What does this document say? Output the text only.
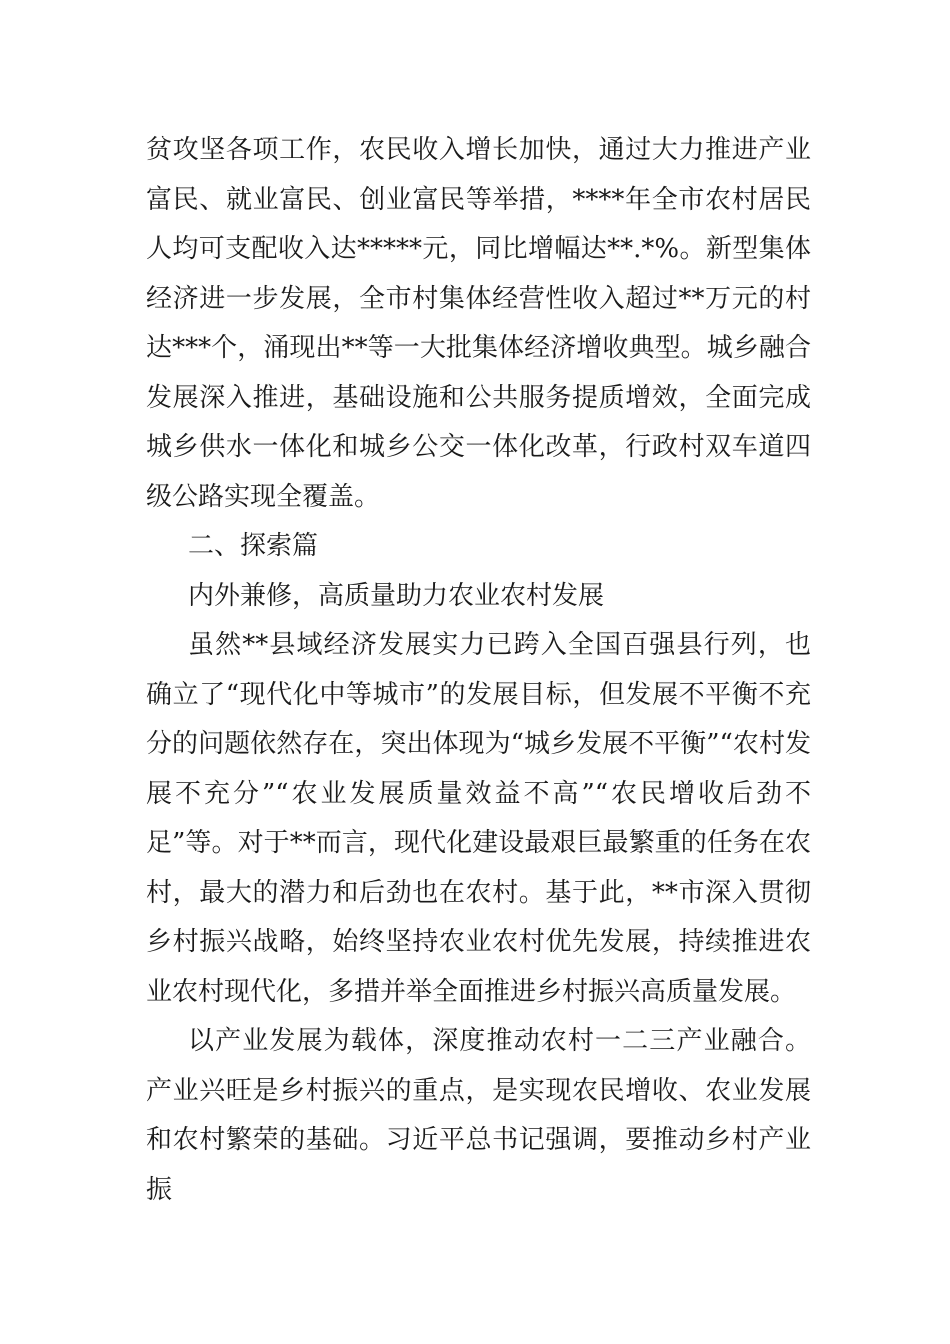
贫攻坚各项工作，农民收入增长加快，通过大力推进产业富民、就业富民、创业富民等举措，****年全市农村居民人均可支配收入达*****元，同比增幅达**.*%。新型集体经济进一步发展，全市村集体经营性收入超过**万元的村达***个，涌现出**等一大批集体经济增收典型。城乡融合发展深入推进，基础设施和公共服务提质增效，全面完成城乡供水一体化和城乡公交一体化改革，行政村双车道四级公路实现全覆盖。

二、探索篇

内外兼修，高质量助力农业农村发展

虽然**县域经济发展实力已跨入全国百强县行列，也确立了“现代化中等城市”的发展目标，但发展不平衡不充分的问题依然存在，突出体现为“城乡发展不平衡”“农村发展不充分”“农业发展质量效益不高”“农民增收后劲不足”等。对于**而言，现代化建设最艰巨最繁重的任务在农村，最大的潜力和后劲也在农村。基于此，**市深入贯彻乡村振兴战略，始终坚持农业农村优先发展，持续推进农业农村现代化，多措并举全面推进乡村振兴高质量发展。

以产业发展为载体，深度推动农村一二三产业融合。产业兴旺是乡村振兴的重点，是实现农民增收、农业发展和农村繁荣的基础。习近平总书记强调，要推动乡村产业振
